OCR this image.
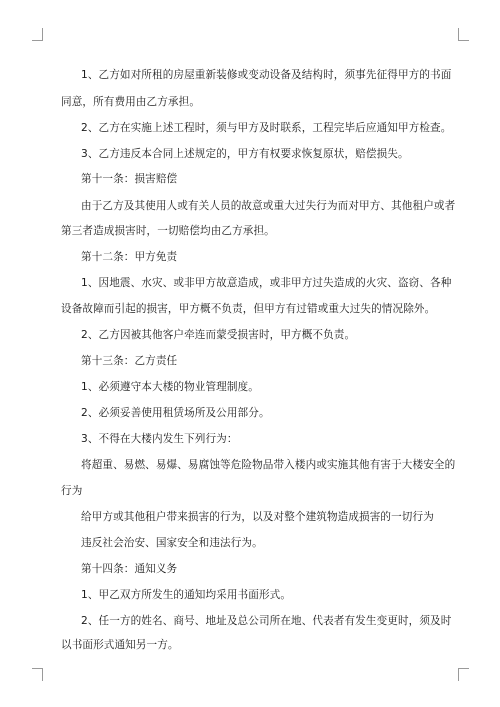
1、乙方如对所租的房屋重新装修或变动设备及结构时，须事先征得甲方的书面
同意，所有费用由乙方承担。
2、乙方在实施上述工程时，须与甲方及时联系，工程完毕后应通知甲方检查。
3、乙方违反本合同上述规定的，甲方有权要求恢复原状，赔偿损失。
第十一条：损害赔偿
由于乙方及其使用人或有关人员的故意或重大过失行为而对甲方、其他租户或者
第三者造成损害时，一切赔偿均由乙方承担。
第十二条：甲方免责
1、因地震、水灾、或非甲方故意造成，或非甲方过失造成的火灾、盗窃、各种
设备故障而引起的损害，甲方概不负责，但甲方有过错或重大过失的情况除外。
2、乙方因被其他客户牵连而蒙受损害时，甲方概不负责。
第十三条：乙方责任
1、必须遵守本大楼的物业管理制度。
2、必须妥善使用租赁场所及公用部分。
3、不得在大楼内发生下列行为：
将超重、易燃、易爆、易腐蚀等危险物品带入楼内或实施其他有害于大楼安全的
行为
给甲方或其他租户带来损害的行为，以及对整个建筑物造成损害的一切行为
违反社会治安、国家安全和违法行为。
第十四条：通知义务
1、甲乙双方所发生的通知均采用书面形式。
2、任一方的姓名、商号、地址及总公司所在地、代表者有发生变更时，须及时
以书面形式通知另一方。
